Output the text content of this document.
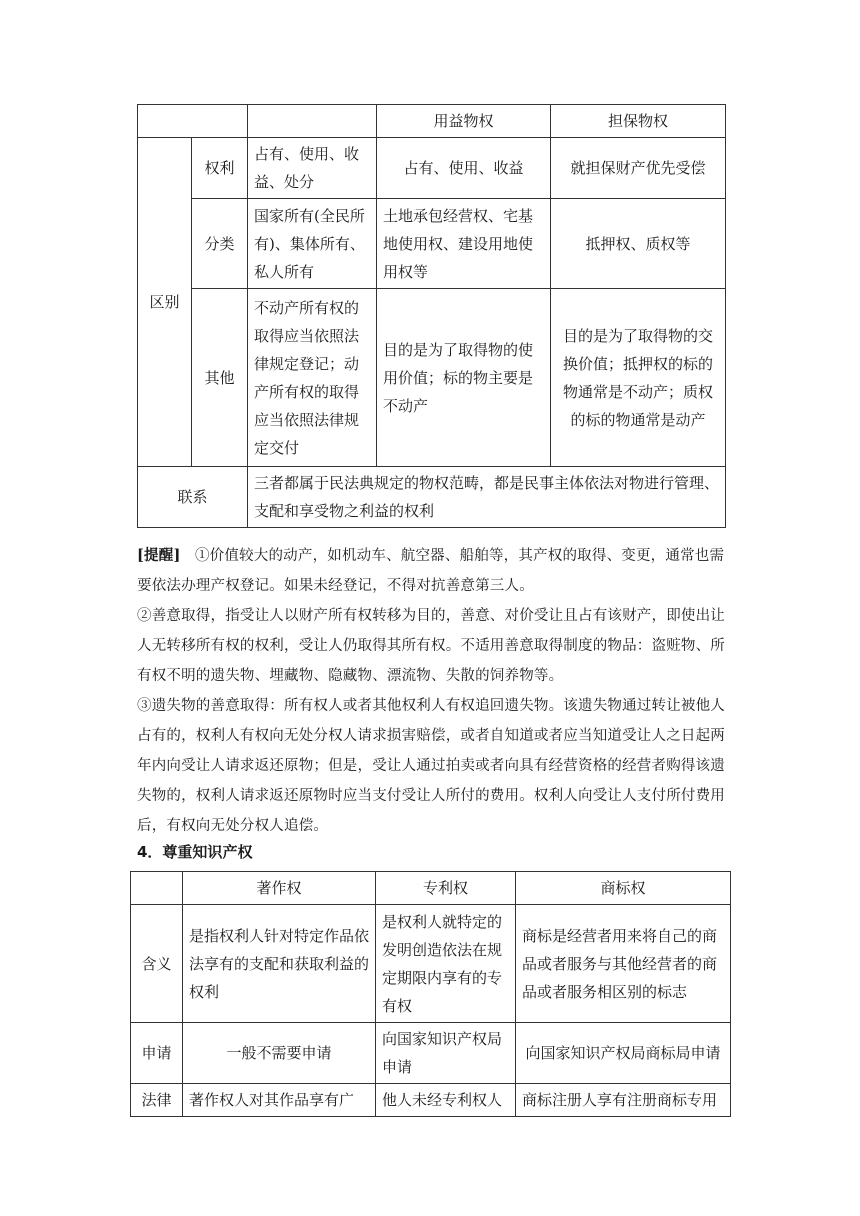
			用益物权	担保物权
区别	权利	占有、使用、收益、处分	占有、使用、收益	就担保财产优先受偿
	分类	国家所有(全民所有)、集体所有、私人所有	土地承包经营权、宅基地使用权、建设用地使用权等	抵押权、质权等
	其他	不动产所有权的取得应当依照法律规定登记；动产所有权的取得应当依照法律规定交付	目的是为了取得物的使用价值；标的物主要是不动产	目的是为了取得物的交换价值；抵押权的标的物通常是不动产；质权的标的物通常是动产
联系		三者都属于民法典规定的物权范畴，都是民事主体依法对物进行管理、支配和享受物之利益的权利		

[提醒] ①价值较大的动产，如机动车、航空器、船舶等，其产权的取得、变更，通常也需要依法办理产权登记。如果未经登记，不得对抗善意第三人。

②善意取得，指受让人以财产所有权转移为目的，善意、对价受让且占有该财产，即使出让人无转移所有权的权利，受让人仍取得其所有权。不适用善意取得制度的物品：盗赃物、所有权不明的遗失物、埋藏物、隐藏物、漂流物、失散的饲养物等。

③遗失物的善意取得：所有权人或者其他权利人有权追回遗失物。该遗失物通过转让被他人占有的，权利人有权向无处分权人请求损害赔偿，或者自知道或者应当知道受让人之日起两年内向受让人请求返还原物；但是，受让人通过拍卖或者向具有经营资格的经营者购得该遗失物的，权利人请求返还原物时应当支付受让人所付的费用。权利人向受让人支付所付费用后，有权向无处分权人追偿。

4．尊重知识产权
	著作权	专利权	商标权
含义	是指权利人针对特定作品依法享有的支配和获取利益的权利	是权利人就特定的发明创造依法在规定期限内享有的专有权	商标是经营者用来将自己的商品或者服务与其他经营者的商品或者服务相区别的标志
申请	一般不需要申请	向国家知识产权局申请	向国家知识产权局商标局申请
法律	著作权人对其作品享有广	他人未经专利权人	商标注册人享有注册商标专用
